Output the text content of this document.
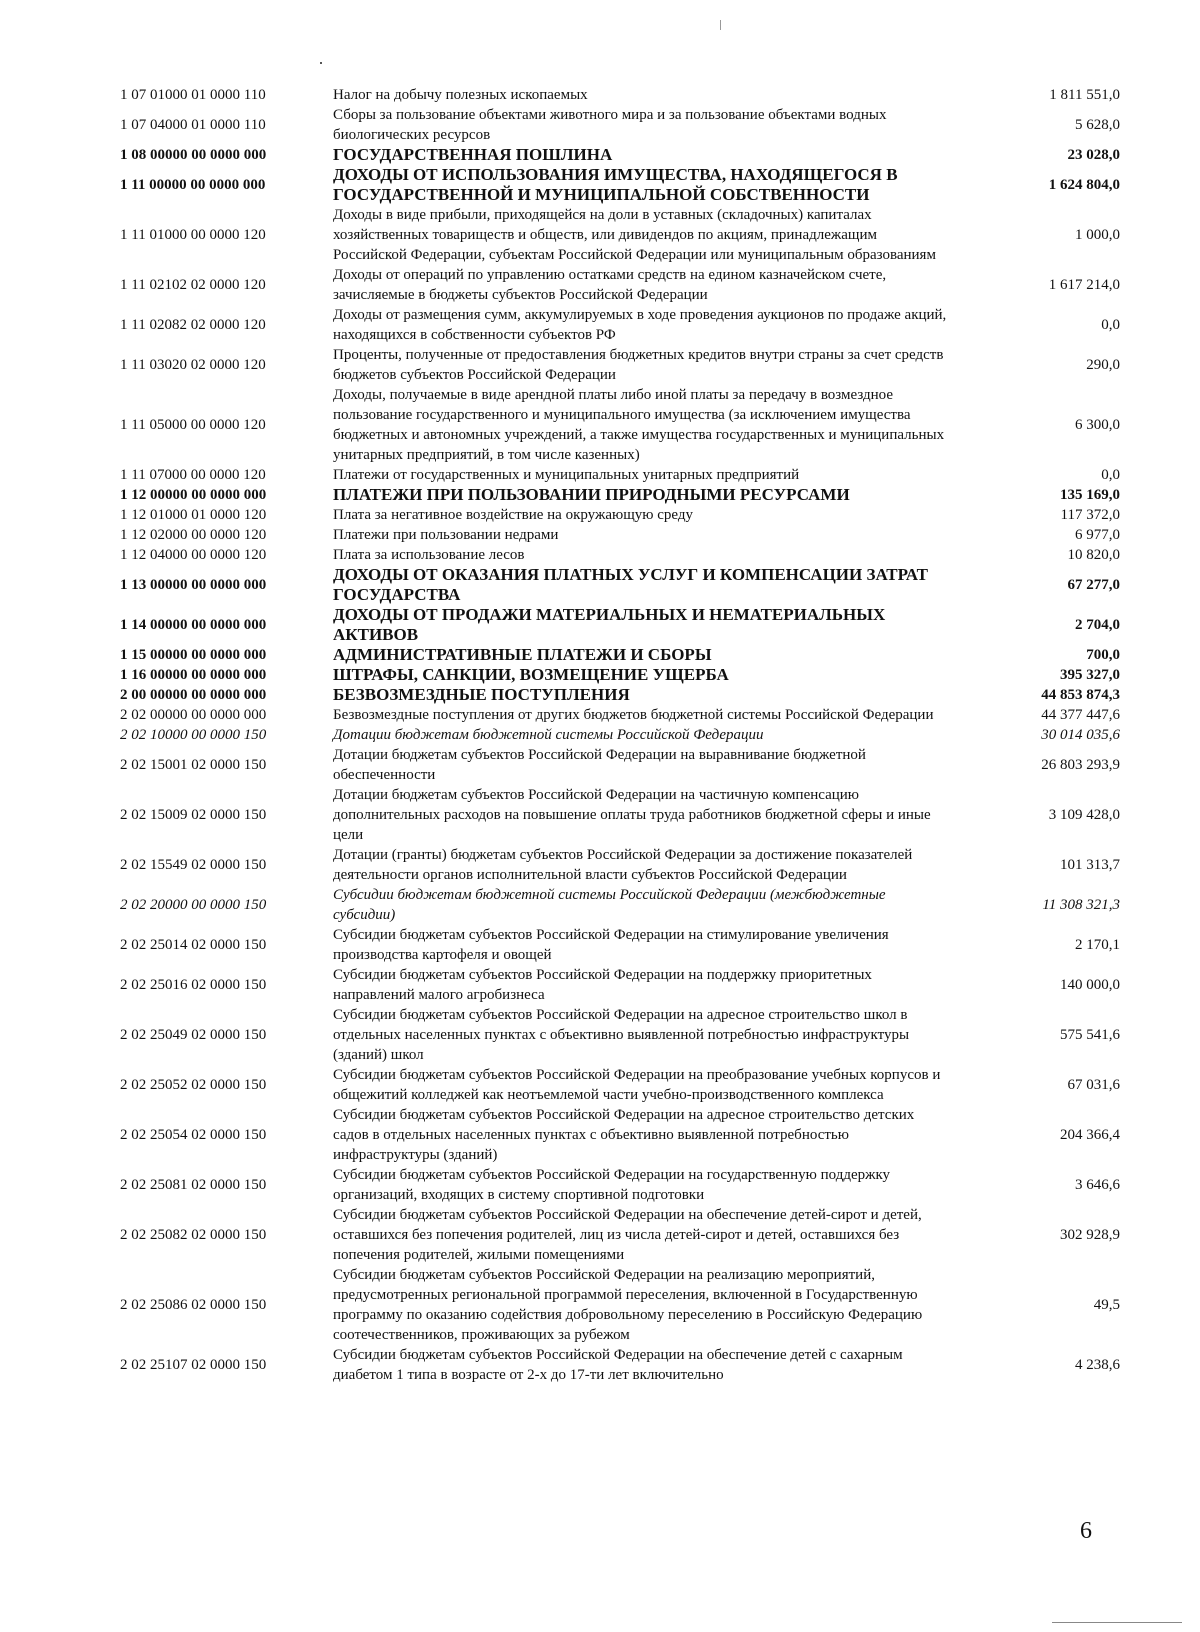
1 07 01000 01 0000 110	Налог на добычу полезных ископаемых	1 811 551,0
1 07 04000 01 0000 110	Сборы за пользование объектами животного мира и за пользование объектами водных биологических ресурсов	5 628,0
1 08 00000 00 0000 000	ГОСУДАРСТВЕННАЯ ПОШЛИНА	23 028,0
1 11 00000 00 0000 000	ДОХОДЫ ОТ ИСПОЛЬЗОВАНИЯ ИМУЩЕСТВА, НАХОДЯЩЕГОСЯ В ГОСУДАРСТВЕННОЙ И МУНИЦИПАЛЬНОЙ СОБСТВЕННОСТИ	1 624 804,0
1 11 01000 00 0000 120	Доходы в виде прибыли, приходящейся на доли в уставных (складочных) капиталах хозяйственных товариществ и обществ, или дивидендов по акциям, принадлежащим Российской Федерации, субъектам Российской Федерации или муниципальным образованиям	1 000,0
1 11 02102 02 0000 120	Доходы от операций по управлению остатками средств на едином казначейском счете, зачисляемые в бюджеты субъектов Российской Федерации	1 617 214,0
1 11 02082 02 0000 120	Доходы от размещения сумм, аккумулируемых в ходе проведения аукционов по продаже акций, находящихся в собственности субъектов РФ	0,0
1 11 03020 02 0000 120	Проценты, полученные от предоставления бюджетных кредитов внутри страны за счет средств бюджетов субъектов Российской Федерации	290,0
1 11 05000 00 0000 120	Доходы, получаемые в виде арендной платы либо иной платы за передачу в возмездное пользование государственного и муниципального имущества (за исключением имущества бюджетных и автономных учреждений, а также имущества государственных и муниципальных унитарных предприятий, в том числе казенных)	6 300,0
1 11 07000 00 0000 120	Платежи от государственных и муниципальных унитарных предприятий	0,0
1 12 00000 00 0000 000	ПЛАТЕЖИ ПРИ ПОЛЬЗОВАНИИ ПРИРОДНЫМИ РЕСУРСАМИ	135 169,0
1 12 01000 01 0000 120	Плата за негативное воздействие на окружающую среду	117 372,0
1 12 02000 00 0000 120	Платежи при пользовании недрами	6 977,0
1 12 04000 00 0000 120	Плата за использование лесов	10 820,0
1 13 00000 00 0000 000	ДОХОДЫ ОТ ОКАЗАНИЯ ПЛАТНЫХ УСЛУГ И КОМПЕНСАЦИИ ЗАТРАТ ГОСУДАРСТВА	67 277,0
1 14 00000 00 0000 000	ДОХОДЫ ОТ ПРОДАЖИ МАТЕРИАЛЬНЫХ И НЕМАТЕРИАЛЬНЫХ АКТИВОВ	2 704,0
1 15 00000 00 0000 000	АДМИНИСТРАТИВНЫЕ ПЛАТЕЖИ И СБОРЫ	700,0
1 16 00000 00 0000 000	ШТРАФЫ, САНКЦИИ, ВОЗМЕЩЕНИЕ УЩЕРБА	395 327,0
2 00 00000 00 0000 000	БЕЗВОЗМЕЗДНЫЕ ПОСТУПЛЕНИЯ	44 853 874,3
2 02 00000 00 0000 000	Безвозмездные поступления от других бюджетов бюджетной системы Российской Федерации	44 377 447,6
2 02 10000 00 0000 150	Дотации бюджетам бюджетной системы Российской Федерации	30 014 035,6
2 02 15001 02 0000 150	Дотации бюджетам субъектов Российской Федерации на выравнивание бюджетной обеспеченности	26 803 293,9
2 02 15009 02 0000 150	Дотации бюджетам субъектов Российской Федерации на частичную компенсацию дополнительных расходов на повышение оплаты труда работников бюджетной сферы и иные цели	3 109 428,0
2 02 15549 02 0000 150	Дотации (гранты) бюджетам субъектов Российской Федерации за достижение показателей деятельности органов исполнительной власти субъектов Российской Федерации	101 313,7
2 02 20000 00 0000 150	Субсидии бюджетам бюджетной системы Российской Федерации (межбюджетные субсидии)	11 308 321,3
2 02 25014 02 0000 150	Субсидии бюджетам субъектов Российской Федерации на стимулирование увеличения производства картофеля и овощей	2 170,1
2 02 25016 02 0000 150	Субсидии бюджетам субъектов Российской Федерации на поддержку приоритетных направлений малого агробизнеса	140 000,0
2 02 25049 02 0000 150	Субсидии бюджетам субъектов Российской Федерации на адресное строительство школ в отдельных населенных пунктах с объективно выявленной потребностью инфраструктуры (зданий) школ	575 541,6
2 02 25052 02 0000 150	Субсидии бюджетам субъектов Российской Федерации на преобразование учебных корпусов и общежитий колледжей как неотъемлемой части учебно-производственного комплекса	67 031,6
2 02 25054 02 0000 150	Субсидии бюджетам субъектов Российской Федерации на адресное строительство детских садов в отдельных населенных пунктах с объективно выявленной потребностью инфраструктуры (зданий)	204 366,4
2 02 25081 02 0000 150	Субсидии бюджетам субъектов Российской Федерации на государственную поддержку организаций, входящих в систему спортивной подготовки	3 646,6
2 02 25082 02 0000 150	Субсидии бюджетам субъектов Российской Федерации на обеспечение детей-сирот и детей, оставшихся без попечения родителей, лиц из числа детей-сирот и детей, оставшихся без попечения родителей, жилыми помещениями	302 928,9
2 02 25086 02 0000 150	Субсидии бюджетам субъектов Российской Федерации на реализацию мероприятий, предусмотренных региональной программой переселения, включенной в Государственную программу по оказанию содействия добровольному переселению в Российскую Федерацию соотечественников, проживающих за рубежом	49,5
2 02 25107 02 0000 150	Субсидии бюджетам субъектов Российской Федерации на обеспечение детей с сахарным диабетом 1 типа в возрасте от 2-х до 17-ти лет включительно	4 238,6
6
